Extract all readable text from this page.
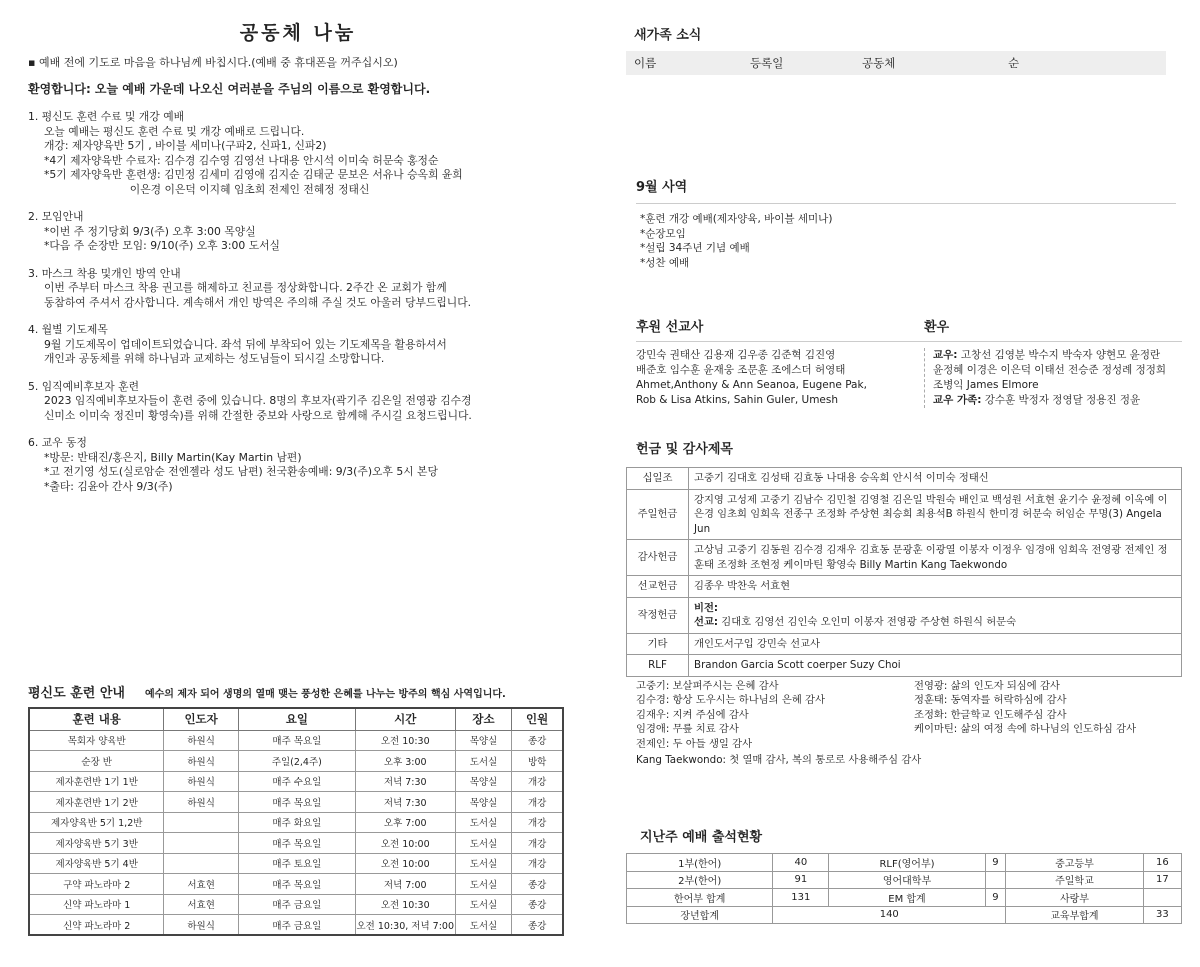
공동체 나눔
▪ 예배 전에 기도로 마음을 하나님께 바칩시다.(예배 중 휴대폰을 꺼주십시오)
환영합니다: 오늘 예배 가운데 나오신 여러분을 주님의 이름으로 환영합니다.
1. 평신도 훈련 수료 및 개강 예배
오늘 예배는 평신도 훈련 수료 및 개강 예배로 드립니다.
개강: 제자양육반 5기 , 바이블 세미나(구파2, 신파1, 신파2)
*4기 제자양육반 수료자: 김수경 김수영 김영선 나대용 안시석 이미숙 허문숙 홍정순
*5기 제자양육반 훈련생: 김민정 김세미 김영애 김지순 김태군 문보은 서유나 승옥희 윤희
이은경 이은덕 이지혜 임초희 전제인 전혜정 정태신
2. 모임안내
*이번 주 정기당회 9/3(주) 오후 3:00 목양실
*다음 주 순장반 모임: 9/10(주) 오후 3:00 도서실
3. 마스크 착용 및개인 방역 안내
이번 주부터 마스크 착용 권고를 해제하고 친교를 정상화합니다. 2주간 온 교회가 함께
동참하여 주셔서 감사합니다. 계속해서 개인 방역은 주의해 주실 것도 아울러 당부드립니다.
4. 월별 기도제목
9월 기도제목이 업데이트되었습니다. 좌석 뒤에 부착되어 있는 기도제목을 활용하셔서
개인과 공동체를 위해 하나님과 교제하는 성도님들이 되시길 소망합니다.
5. 임직예비후보자 훈련
2023 임직예비후보자들이 훈련 중에 있습니다. 8명의 후보자(곽기주 김은일 전영광 김수경
신미소 이미숙 정진미 황영숙)를 위해 간절한 중보와 사랑으로 함께해 주시길 요청드립니다.
6. 교우 동정
*방문: 반태진/홍은지, Billy Martin(Kay Martin 남편)
*고 전기영 성도(실로암순 전엔젤라 성도 남편) 천국환송예배: 9/3(주)오후 5시 본당
*출타: 김윤아 간사 9/3(주)
평신도 훈련 안내 예수의 제자 되어 생명의 열매 맺는 풍성한 은혜를 나누는 방주의 핵심 사역입니다.
훈련 내용	인도자	요일	시간	장소	인원
목회자 양육반	하원식	매주 목요일	오전 10:30	목양실	종강
순장 반	하원식	주일(2,4주)	오후 3:00	도서실	방학
제자훈련반 1기 1반	하원식	매주 수요일	저녁 7:30	목양실	개강
제자훈련반 1기 2반	하원식	매주 목요일	저녁 7:30	목양실	개강
제자양육반 5기 1,2반		매주 화요일	오후 7:00	도서실	개강
제자양육반 5기 3반		매주 목요일	오전 10:00	도서실	개강
제자양육반 5기 4반		매주 토요일	오전 10:00	도서실	개강
구약 파노라마 2	서효현	매주 목요일	저녁 7:00	도서실	종강
신약 파노라마 1	서효현	매주 금요일	오전 10:30	도서실	종강
신약 파노라마 2	하원식	매주 금요일	오전 10:30, 저녁 7:00	도서실	종강
새가족 소식
이름	등록일	공동체	순
9월 사역
*훈련 개강 예배(제자양육, 바이블 세미나)
*순장모임
*설립 34주년 기념 예배
*성찬 예배
후원 선교사
강민숙 권태산 김용재 김우종 김준혁 김진영
배준호 임수훈 윤재웅 조문훈 조에스더 허영태
Ahmet,Anthony & Ann Seanoa, Eugene Pak,
Rob & Lisa Atkins, Sahin Guler, Umesh
환우
교우: 고창선 김영분 박수지 박숙자 양현모 윤정란
윤정혜 이경은 이은덕 이태선 전승준 정성례 정정희
조병익 James Elmore
교우 가족: 강수훈 박정자 정영달 정용진 정윤
헌금 및 감사제목
십일조	고중기 김대호 김성태 김효동 나대용 승옥희 안시석 이미숙 정태신
주일헌금	강지영 고성제 고중기 김남수 김민철 김영철 김은일 박원숙 배인교 백성원 서효현 윤기수 윤정혜 이옥예 이은경 임초희 임희옥 전종구 조정화 주상현 최승희 최용석B 하원식 한미경 허문숙 허임순 무명(3) Angela Jun
감사헌금	고상님 고중기 김동원 김수경 김재우 김효동 문광훈 이광열 이봉자 이정우 임경애 임희옥 전영광 전제인 정훈태 조정화 조현정 케이마틴 황영숙 Billy Martin Kang Taekwondo
선교헌금	김종우 박찬욱 서효현
작정헌금	비전:
선교: 김대호 김영선 김인숙 오인미 이봉자 전영광 주상현 하원식 허문숙

기타	개인도서구입 강민숙 선교사
RLF	Brandon Garcia Scott coerper Suzy Choi
고중기: 보살펴주시는 은혜 감사
김수경: 항상 도우시는 하나님의 은혜 감사
김재우: 지켜 주심에 감사
임경애: 무릎 치료 감사
전제인: 두 아들 생일 감사
전영광: 삶의 인도자 되심에 감사
정훈태: 동역자를 허락하심에 감사
조정화: 한글학교 인도해주심 감사
케이마틴: 삶의 여정 속에 하나님의 인도하심 감사
Kang Taekwondo: 첫 열매 감사, 복의 통로로 사용해주심 감사
지난주 예배 출석현황
1부(한어)	40	RLF(영어부)	9	중고등부	16
2부(한어)	91	영어대학부		주일학교	17
한어부 합계	131	EM 합계	9	사랑부	
장년합계	140			교육부합계	33
